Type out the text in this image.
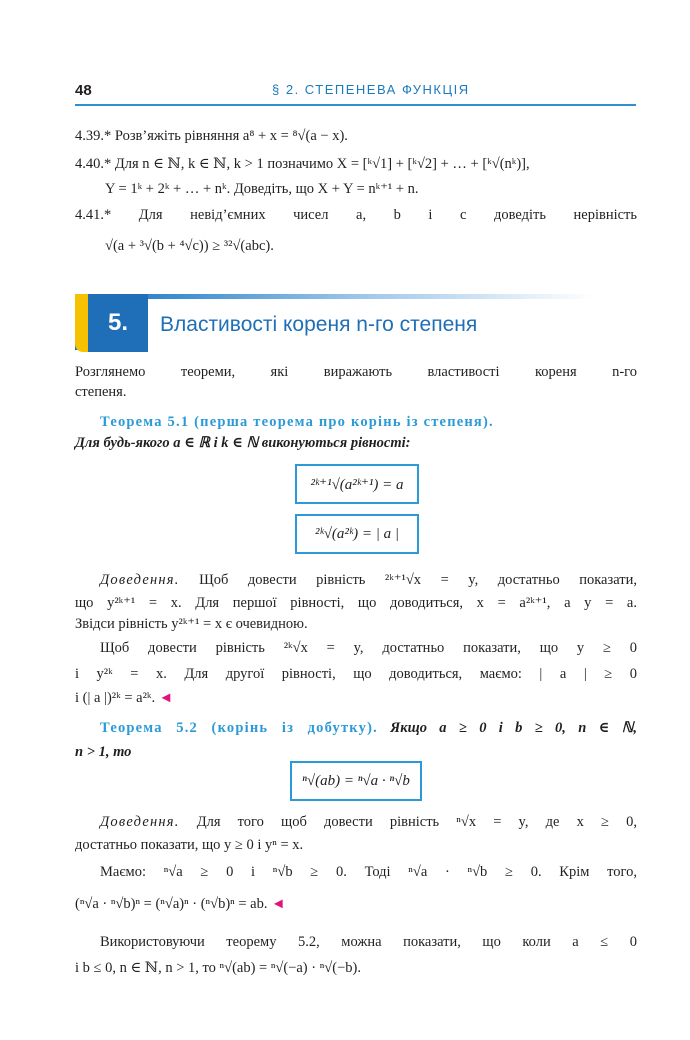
48	§ 2. СТЕПЕНЕВА ФУНКЦІЯ
4.39.* Розв’яжіть рівняння a⁸ + x = ⁸√(a − x).
4.40.* Для n ∈ ℕ, k ∈ ℕ, k > 1 позначимо X = [ᵏ√1] + [ᵏ√2] + … + [ᵏ√(nᵏ)],
Y = 1ᵏ + 2ᵏ + … + nᵏ. Доведіть, що X + Y = nᵏ⁺¹ + n.
4.41.* Для невід’ємних чисел a, b і c доведіть нерівність
√(a + ³√(b + ⁴√c)) ≥ ³²√(abc).
5.	Властивості кореня n-го степеня
Розглянемо теореми, які виражають властивості кореня n-го
степеня.
Теорема 5.1 (перша теорема про корінь із степеня).
Для будь-якого a ∈ ℝ і k ∈ ℕ виконуються рівності:
²ᵏ⁺¹√(a²ᵏ⁺¹) = a
²ᵏ√(a²ᵏ) = | a |
Доведення. Щоб довести рівність ²ᵏ⁺¹√x = y, достатньо показати,
що y²ᵏ⁺¹ = x. Для першої рівності, що доводиться, x = a²ᵏ⁺¹, а y = a.
Звідси рівність y²ᵏ⁺¹ = x є очевидною.
Щоб довести рівність ²ᵏ√x = y, достатньо показати, що y ≥ 0
і y²ᵏ = x. Для другої рівності, що доводиться, маємо: | a | ≥ 0
і (| a |)²ᵏ = a²ᵏ. ◄
Теорема 5.2 (корінь із добутку). Якщо a ≥ 0 і b ≥ 0, n ∈ ℕ,
n > 1, то
ⁿ√(ab) = ⁿ√a · ⁿ√b
Доведення. Для того щоб довести рівність ⁿ√x = y, де x ≥ 0,
достатньо показати, що y ≥ 0 і yⁿ = x.
Маємо: ⁿ√a ≥ 0 і ⁿ√b ≥ 0. Тоді ⁿ√a · ⁿ√b ≥ 0. Крім того,
(ⁿ√a · ⁿ√b)ⁿ = (ⁿ√a)ⁿ · (ⁿ√b)ⁿ = ab. ◄
Використовуючи теорему 5.2, можна показати, що коли a ≤ 0
і b ≤ 0, n ∈ ℕ, n > 1, то ⁿ√(ab) = ⁿ√(−a) · ⁿ√(−b).
